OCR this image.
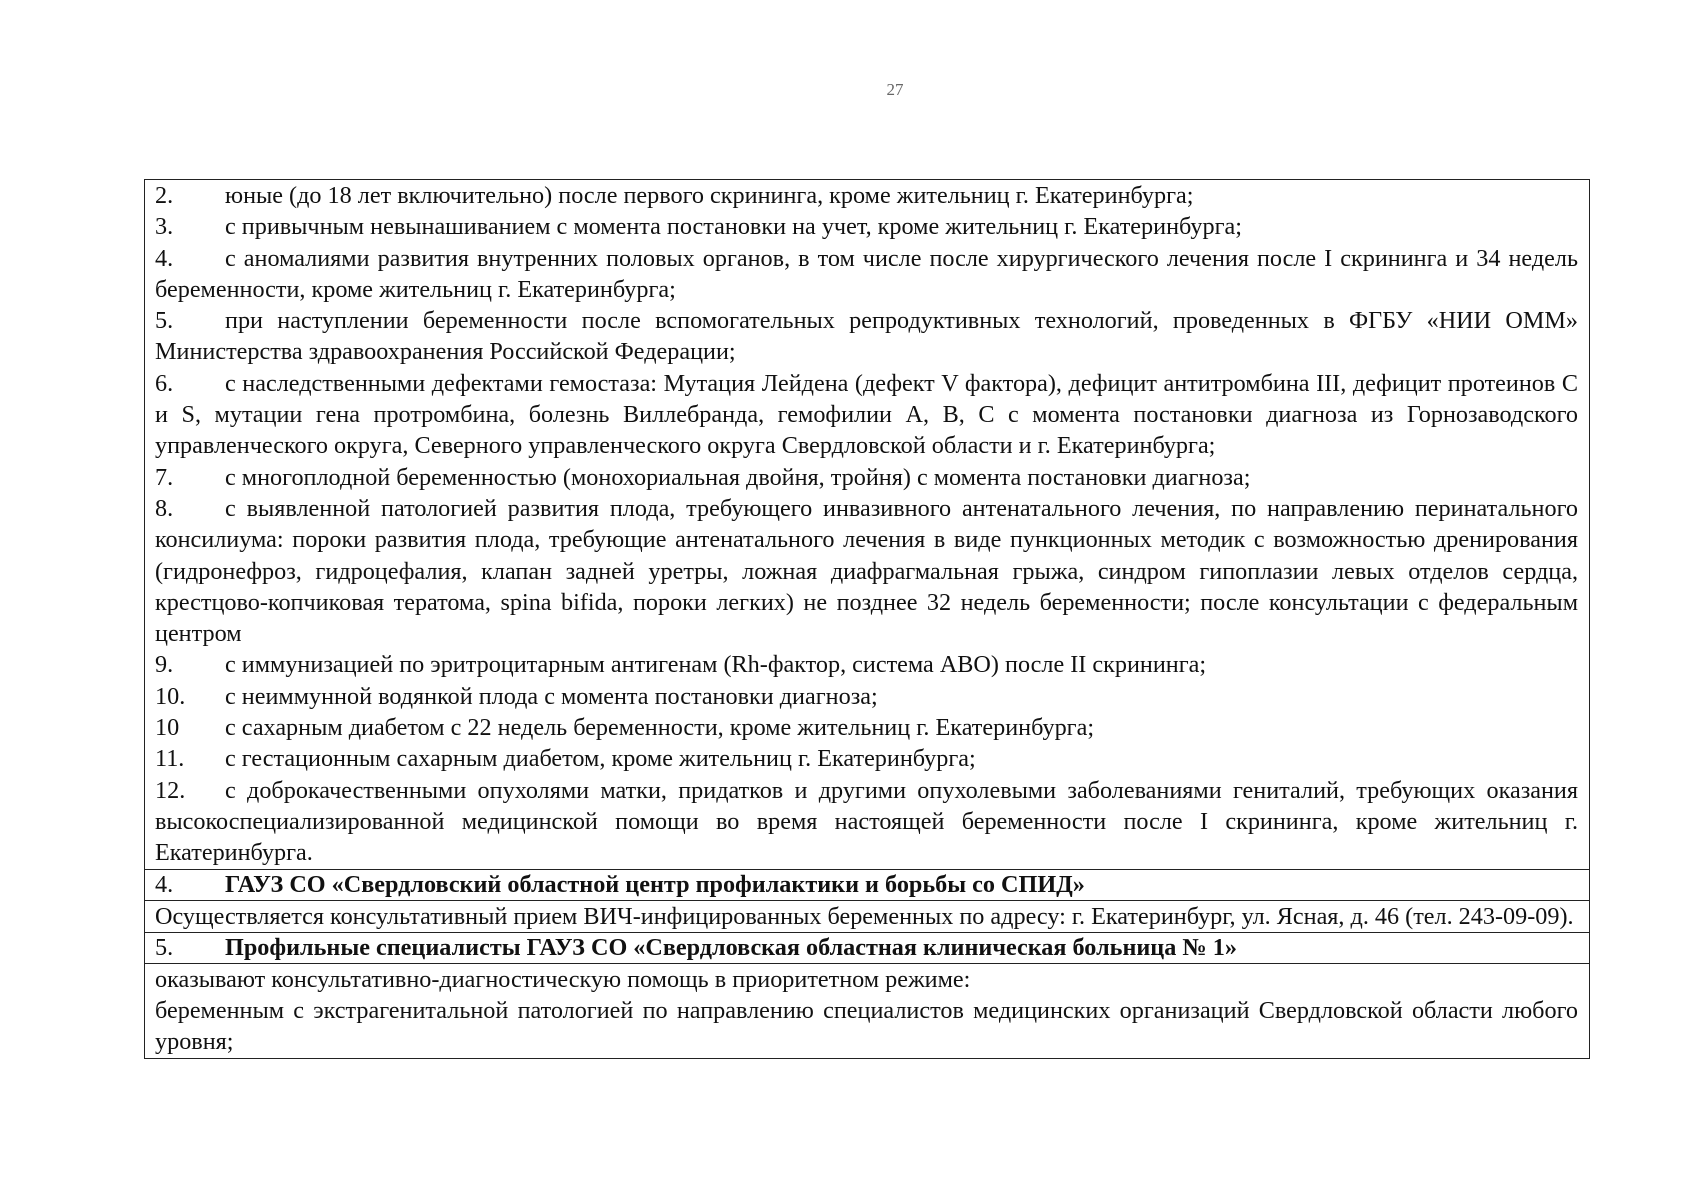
27

2. юные (до 18 лет включительно) после первого скрининга, кроме жительниц г. Екатеринбурга;

3. с привычным невынашиванием с момента постановки на учет, кроме жительниц г. Екатеринбурга;

4. с аномалиями развития внутренних половых органов, в том числе после хирургического лечения после I скрининга и 34 недель беременности, кроме жительниц г. Екатеринбурга;

5. при наступлении беременности после вспомогательных репродуктивных технологий, проведенных в ФГБУ «НИИ ОММ» Министерства здравоохранения Российской Федерации;

6. с наследственными дефектами гемостаза: Мутация Лейдена (дефект V фактора), дефицит антитромбина III, дефицит протеинов С и S, мутации гена протромбина, болезнь Виллебранда, гемофилии А, В, С с момента постановки диагноза из Горнозаводского управленческого округа, Северного управленческого округа Свердловской области и г. Екатеринбурга;

7. с многоплодной беременностью (монохориальная двойня, тройня) с момента постановки диагноза;

8. с выявленной патологией развития плода, требующего инвазивного антенатального лечения, по направлению перинатального консилиума: пороки развития плода, требующие антенатального лечения в виде пункционных методик с возможностью дренирования (гидронефроз, гидроцефалия, клапан задней уретры, ложная диафрагмальная грыжа, синдром гипоплазии левых отделов сердца, крестцово-копчиковая тератома, spina bifida, пороки легких) не позднее 32 недель беременности; после консультации с федеральным центром

9. с иммунизацией по эритроцитарным антигенам (Rh-фактор, система АВО) после II скрининга;

10. с неиммунной водянкой плода с момента постановки диагноза;

10 с сахарным диабетом с 22 недель беременности, кроме жительниц г. Екатеринбурга;

11. с гестационным сахарным диабетом, кроме жительниц г. Екатеринбурга;

12. с доброкачественными опухолями матки, придатков и другими опухолевыми заболеваниями гениталий, требующих оказания высокоспециализированной медицинской помощи во время настоящей беременности после I скрининга, кроме жительниц г. Екатеринбурга.

4. ГАУЗ СО «Свердловский областной центр профилактики и борьбы со СПИД»

Осуществляется консультативный прием ВИЧ-инфицированных беременных по адресу: г. Екатеринбург, ул. Ясная, д. 46 (тел. 243-09-09).

5. Профильные специалисты ГАУЗ СО «Свердловская областная клиническая больница № 1»

оказывают консультативно-диагностическую помощь в приоритетном режиме:

беременным с экстрагенитальной патологией по направлению специалистов медицинских организаций Свердловской области любого уровня;
